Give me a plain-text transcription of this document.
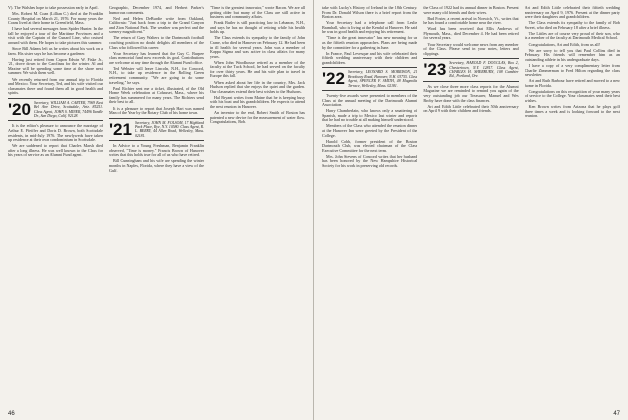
V). The Walshes hope to take possession early in April.

Mrs. Robert M. Coan (Lillian C.) died at the Franklin County Hospital on March 21, 1976. For many years the Coans lived at their home in Greenfield, Mass.

I have had several messages from Spider Hunter. In the fall he enjoyed a tour of the Maritime Provinces and a visit with the Captain of the Cunard Line, who cruised around with them. He hopes to take pictures this summer.

Since Bill Adams left us he writes about his work on a farm. His sister says he has become a gardener.

Having just retired from Capon Edwin W. Fiske Jr., '21, drove down to the Carolinas for the winter. Al and Maxine will be spending some time at the shore next summer. We wish them well.

We recently returned from our annual trip to Florida and Mexico. Your Secretary, Ted, and his wife visited our classmates there and found them all in good health and spirits.

'20 Secretary, WILLIAM A. CARTER, 7969 East Bel Aire Drive, Scottsdale, Ariz. 85251. Class Agent, JOHN S. MINER, 74496 Yandle Dr., San Diego, Calif. 92128.

It is the editor's pleasure to announce the marriage of Arthur E. Pfeiffer and Doris D. Brown, both Scottsdale residents, in mid-July 1976. The newlyweds have taken up residence at their own condominium in Scottsdale.

We are saddened to report that Charles Marsh died after a long illness. He was well known to the Class for his years of service as an Alumni Fund agent.

Geographic, December 1974, and Herbert Parker's humorous comments.

Ned and Helen DeBurdie write from Oakland, California: "Just back from a trip to the Grand Canyon and Zion National Park. The weather was perfect and the scenery magnificent."

The return of Gary Walters to the Dartmouth football coaching position no doubt delights all members of the Class who followed his career.

Your Secretary has learned that the Guy C. Burpee class memorial fund now exceeds its goal. Contributions are welcome at any time through the Alumni Fund office.

Ted Webster will leave Lincoln, N.H., for Concord, N.H., to take up residence in the Rolling Green retirement community. "We are going to do some traveling," he says.

Paul Richter sent me a ticket, illustrated, of the Old Home Week celebration at Cohasset, Mass., where his family has summered for many years. The Richters send their best to all.

It is a pleasure to report that Joseph Hart was named Man of the Year by the Rotary Club of his home town.

'21 Secretary, JOHN M. FOLSOM, 17 Highland Park Place, Rye, N.Y. 10580. Class Agent, R. L. BERRY, 44 Allen Road, Wellesley, Mass. 02181.

In Advice to a Young Freshman, Benjamin Franklin observed, "Time is money." Francis Brown of Hanover writes that this holds true for all of us who have retired.

Bill Cunningham and his wife are spending the winter months in Naples, Florida, where they have a view of the Gulf.

"Time is the greatest innovator," wrote Bacon. We are all getting older but many of the Class are still active in business and community affairs.

Frank Butler is still practicing law in Lebanon, N.H., and says he has no thought of retiring while his health holds up.

The Class extends its sympathy to the family of John Crane, who died in Hanover on February 12. He had been in ill health for several years. John was a member of Kappa Sigma and was active in class affairs for many years.

When John Woodhouse retired as a member of the faculty at the Tuck School, he had served on the faculty for over thirty years. He and his wife plan to travel in Europe this fall.

When asked about her life in the country, Mrs. Jack Hudson replied that she enjoys the quiet and the garden. Our classmates extend their best wishes to the Hudsons.

Hal Bryant writes from Maine that he is keeping busy with his boat and his grandchildren. He expects to attend the next reunion in Hanover.

An inventor to the end, Robert Smith of Boston has patented a new device for the measurement of water flow. Congratulations, Bob.

46

take with Lucky's History of Ireland in the 18th Century. From Dr. Donald Wilson there is a brief report from the Boston area.

Your Secretary had a telephone call from Leslie Bramhall, who is living at the Kendal at Hanover. He said he was in good health and enjoying his retirement.

"Time is the great innovator" has new meaning for us as the fiftieth reunion approaches. Plans are being made by the committee for a gathering in June.

In France, Paul Levesque and his wife celebrated their fiftieth wedding anniversary with their children and grandchildren.

'22 Secretary, LEONARD S. MORRISON, 21 Brookway Road, Hanover, N.H. 03755. Class Agent, SPENCER F. SMITH, 48 Magnolia Terrace, Wellesley, Mass. 02181.

Twenty-five awards were presented to members of the Class at the annual meeting of the Dartmouth Alumni Association.

Harry Chamberlain, who knows only a smattering of Spanish, made a trip to Mexico last winter and reports that he had no trouble at all making himself understood.

Members of the Class who attended the reunion dinner at the Hanover Inn were greeted by the President of the College.

Harold Cobb, former president of the Boston Dartmouth Club, was elected chairman of the Class Executive Committee for the next term.

Mrs. John Stevens of Concord writes that her husband has been honored by the New Hampshire Historical Society for his work in preserving old records.

the Class of 1922 had its annual dinner in Boston. Present were many old friends and their wives.

Bud Foster, a recent arrival in Norwich, Vt., writes that he has found a comfortable home near the river.

Word has been received that Ellis Andrews of Plymouth, Mass., died December 4. He had been retired for several years.

Your Secretary would welcome news from any member of the Class. Please send in your notes, letters and clippings.

'23 Secretary, HAROLD F. DOUGLAS, Box 2, Chestertown, N.Y. 12817. Class Agent, CHARLES H. SHERBURN, 108 Gambier Rd., Portland, Ore.

As we close three more class reports for the Alumni Magazine we are reminded to remind you again of the very outstanding job our Treasurer, Manuel and Wes Broby have done with the class finances.

Art and Edith Little celebrated their 50th anniversary on April 9 with their children and friends.

Art and Edith Little celebrated their fiftieth wedding anniversary on April 9, 1976. Present at the dinner party were their daughters and grandchildren.

The Class extends its sympathy to the family of Bob Sweet, who died on February 18 after a brief illness.

The Littles are of course very proud of their son, who is a member of the faculty at Dartmouth Medical School.

Congratulations, Art and Edith, from us all!

We are sorry to tell you that Paul Collins died in February. His friends will remember him as an outstanding athlete in his undergraduate days.

I have a copy of a very complimentary letter from Charlie Zimmerman to Fred Hilton regarding the class newsletter.

Art and Ruth Barbour have retired and moved to a new home in Florida.

Congratulations on this recognition of your many years of service to the College. Your classmates send their best wishes.

Ken Brown writes from Arizona that he plays golf three times a week and is looking forward to the next reunion.

47
